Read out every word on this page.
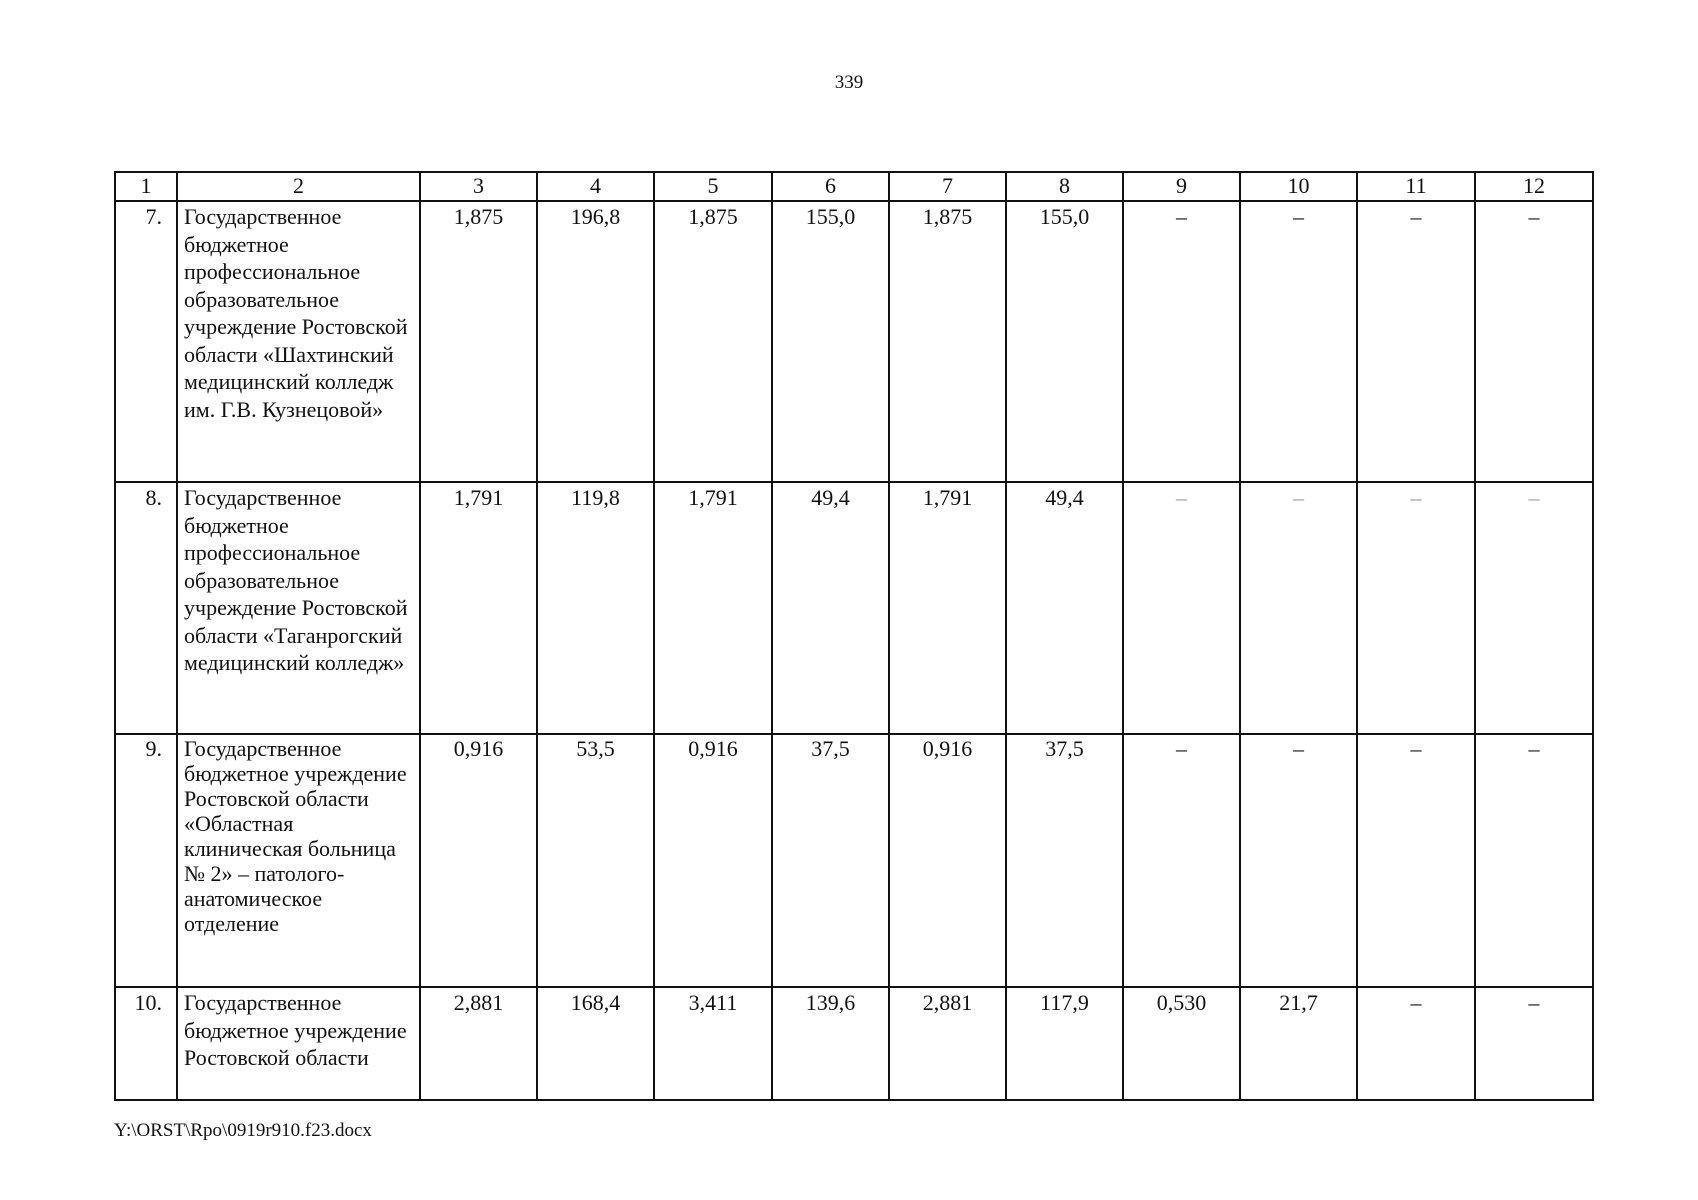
339
1	2	3	4	5	6	7	8	9	10	11	12
7.	Государственное бюджетное профессиональное образовательное учреждение Ростовской области «Шахтинский медицинский колледж им. Г.В. Кузнецовой»	1,875	196,8	1,875	155,0	1,875	155,0	–	–	–	–
8.	Государственное бюджетное профессиональное образовательное учреждение Ростовской области «Таганрогский медицинский колледж»	1,791	119,8	1,791	49,4	1,791	49,4	–	–	–	–
9.	Государственное бюджетное учреждение Ростовской области «Областная клиническая больница № 2» – патолого-анатомическое отделение	0,916	53,5	0,916	37,5	0,916	37,5	–	–	–	–
10.	Государственное бюджетное учреждение Ростовской области	2,881	168,4	3,411	139,6	2,881	117,9	0,530	21,7	–	–
Y:\ORST\Rpo\0919r910.f23.docx
